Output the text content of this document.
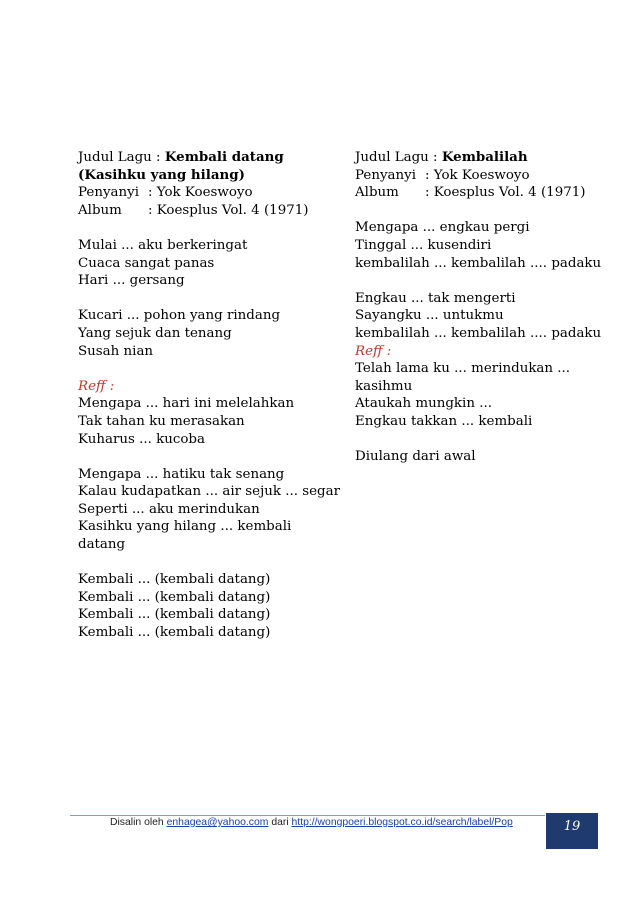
Judul Lagu : Kembali datang
(Kasihku yang hilang)
Penyanyi : Yok Koeswoyo
Album : Koesplus Vol. 4 (1971)
Mulai ... aku berkeringat
Cuaca sangat panas
Hari ... gersang
Kucari ... pohon yang rindang
Yang sejuk dan tenang
Susah nian
Reff :
Mengapa ... hari ini melelahkan
Tak tahan ku merasakan
Kuharus ... kucoba
Mengapa ... hatiku tak senang
Kalau kudapatkan ... air sejuk ... segar
Seperti ... aku merindukan
Kasihku yang hilang ... kembali
datang
Kembali ... (kembali datang)
Kembali ... (kembali datang)
Kembali ... (kembali datang)
Kembali ... (kembali datang)
Judul Lagu : Kembalilah
Penyanyi : Yok Koeswoyo
Album : Koesplus Vol. 4 (1971)
Mengapa ... engkau pergi
Tinggal ... kusendiri
kembalilah ... kembalilah .... padaku
Engkau ... tak mengerti
Sayangku ... untukmu
kembalilah ... kembalilah .... padaku
Reff :
Telah lama ku ... merindukan ...
kasihmu
Ataukah mungkin ...
Engkau takkan ... kembali
Diulang dari awal
Disalin oleh enhagea@yahoo.com dari http://wongpoeri.blogspot.co.id/search/label/Pop	19
